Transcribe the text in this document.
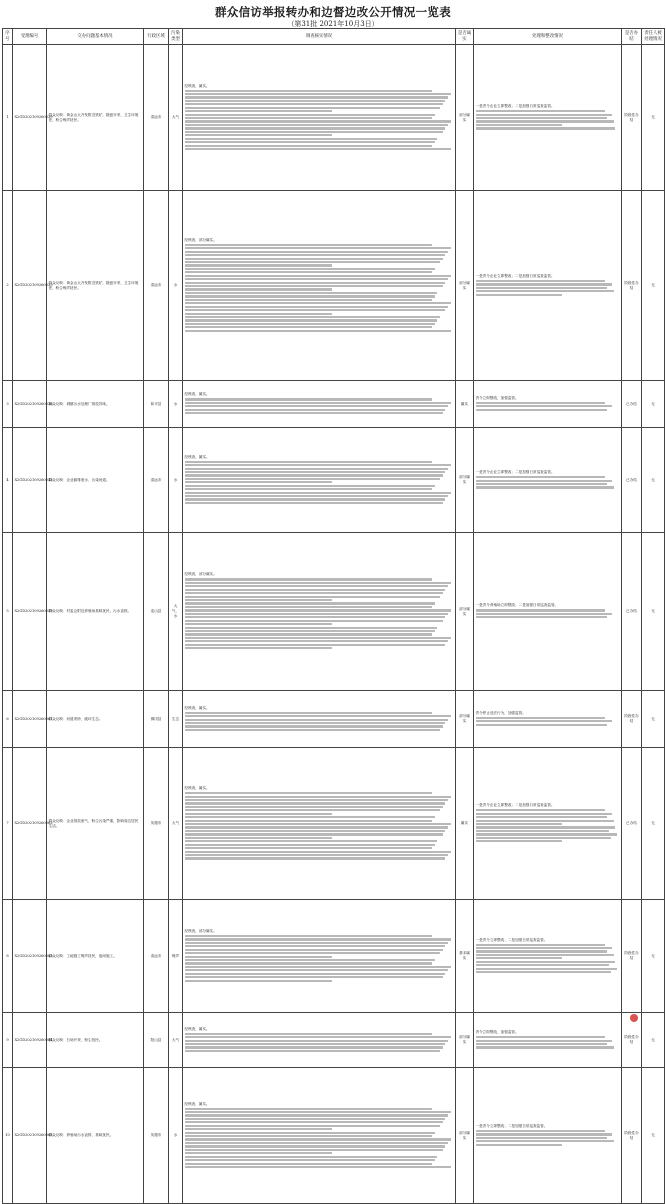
群众信访举报转办和边督边改公开情况一览表
（第31批 2021年10月3日）
序号	受理编号	交办问题基本情况	行政区域	污染类型	调查核实情况	是否属实	处理和整改情况	是否办结	责任人被处理情况
1	X2GD202109260029	群众反映：黄金山大开发附近铁矿，随意开采，卫生环境差，粉尘噪声扰民。	清远市	大气	经核查，属实。	部分属实	一是责令企业立即整改；二是加强日常巡查监管。	阶段性办结	无
2	X2GD202109260033	群众反映：黄金山大开发附近铁矿，随意开采，卫生环境差，粉尘噪声扰民。	清远市	水	经核查，部分属实。	部分属实	一是责令企业立即整改；二是加强日常巡查监管。	阶段性办结	无
3	X2GD202109260036	群众反映：城镇污水处理厂排放异味。	和平县	水	经核查，属实。	属实	责令立即整改，加强监管。	已办结	无
4	X2GD202109260043	群众反映：企业偷排废水，污染河道。	清远市	水	经核查，属实。	部分属实	一是责令企业立即整改；二是加强日常巡查监管。	已办结	无
5	X2GD202109260059	群众反映：村委会附近养殖场臭味扰民，污水直排。	连山县	大气、水	经核查，部分属实。	部分属实	一是责令养殖场立即整改；二是加强日常巡查监管。	已办结	无
6	X2GD202109260061	群众反映：河道采砂，破坏生态。	佛冈县	生态	经核查，属实。	部分属实	责令停止违法行为，加强监管。	阶段性办结	无
7	X2GD202109260062	群众反映：企业排放废气，粉尘污染严重，影响周边居民生活。	英德市	大气	经核查，属实。	属实	一是责令企业立即整改；二是加强日常巡查监管。	已办结	无
8	X2GD202109260063	群众反映：工地施工噪声扰民，夜间施工。	清远市	噪声	经核查，部分属实。	基本属实	一是责令立即整改；二是加强日常巡查监管。	阶段性办结	无
9	X2GD202109260064	群众反映：石场开采，粉尘扰民。	阳山县	大气	经核查，属实。	部分属实	责令立即整改，加强监管。	阶段性办结	无
10	X2GD202109260065	群众反映：养殖场污水直排，臭味扰民。	英德市	水	经核查，属实。	部分属实	一是责令立即整改；二是加强日常巡查监管。	阶段性办结	无
